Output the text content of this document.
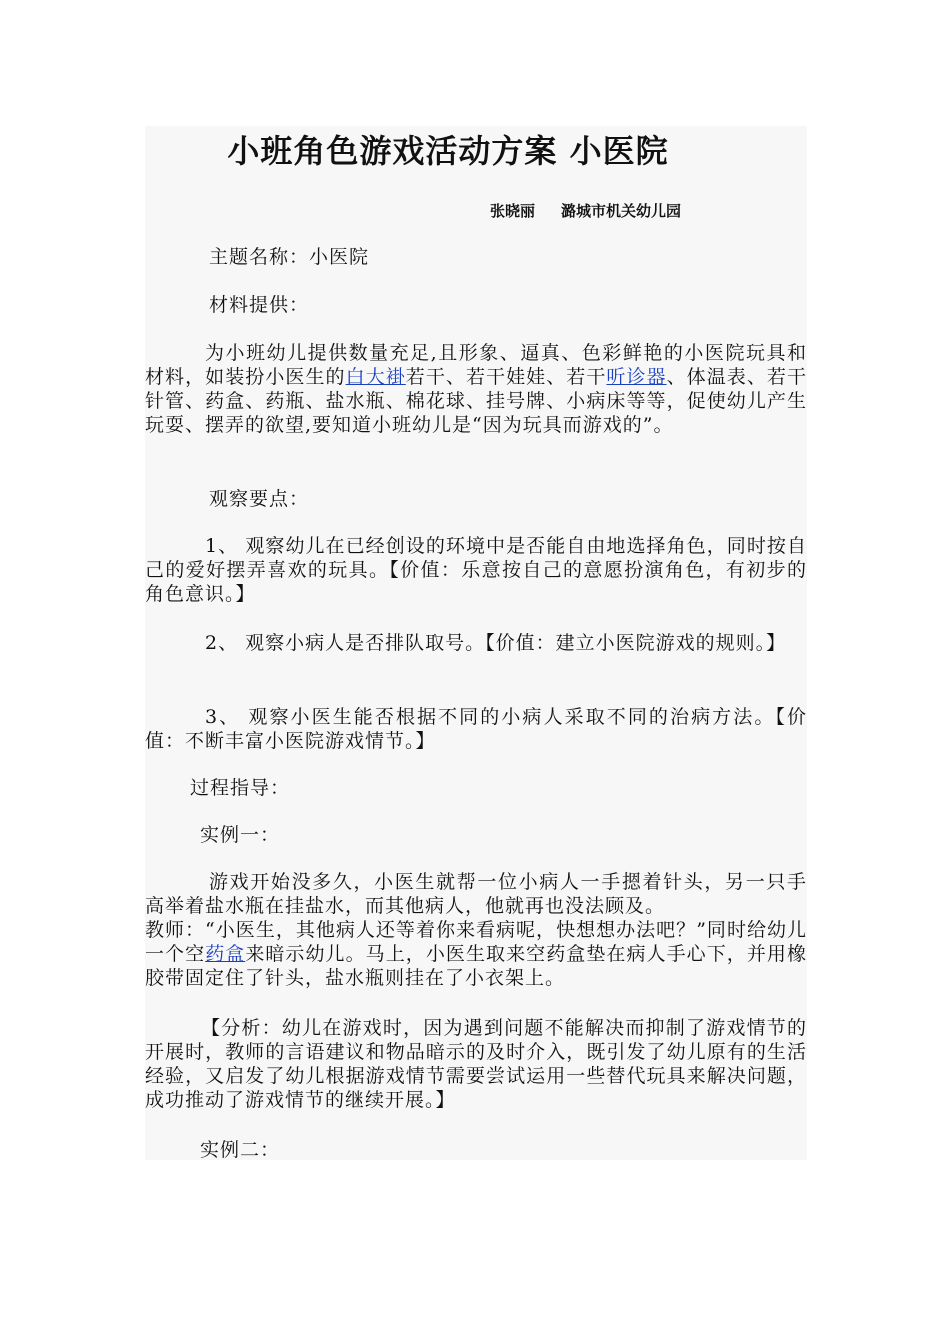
小班角色游戏活动方案 小医院
张晓丽 潞城市机关幼儿园

主题名称：小医院

材料提供：

为小班幼儿提供数量充足,且形象、逼真、色彩鲜艳的小医院玩具和材料，如装扮小医生的白大褂若干、若干娃娃、若干听诊器、体温表、若干针管、药盒、药瓶、盐水瓶、棉花球、挂号牌、小病床等等，促使幼儿产生玩耍、摆弄的欲望,要知道小班幼儿是“因为玩具而游戏的”。

观察要点：

1、 观察幼儿在已经创设的环境中是否能自由地选择角色，同时按自己的爱好摆弄喜欢的玩具。【价值：乐意按自己的意愿扮演角色，有初步的角色意识。】

2、 观察小病人是否排队取号。【价值：建立小医院游戏的规则。】

3、 观察小医生能否根据不同的小病人采取不同的治病方法。【价值：不断丰富小医院游戏情节。】

过程指导：

实例一：

游戏开始没多久，小医生就帮一位小病人一手摁着针头，另一只手高举着盐水瓶在挂盐水，而其他病人，他就再也没法顾及。

教师：“小医生，其他病人还等着你来看病呢，快想想办法吧？”同时给幼儿一个空药盒来暗示幼儿。马上，小医生取来空药盒垫在病人手心下，并用橡胶带固定住了针头，盐水瓶则挂在了小衣架上。

【分析：幼儿在游戏时，因为遇到问题不能解决而抑制了游戏情节的开展时，教师的言语建议和物品暗示的及时介入，既引发了幼儿原有的生活经验，又启发了幼儿根据游戏情节需要尝试运用一些替代玩具来解决问题，成功推动了游戏情节的继续开展。】

实例二：
